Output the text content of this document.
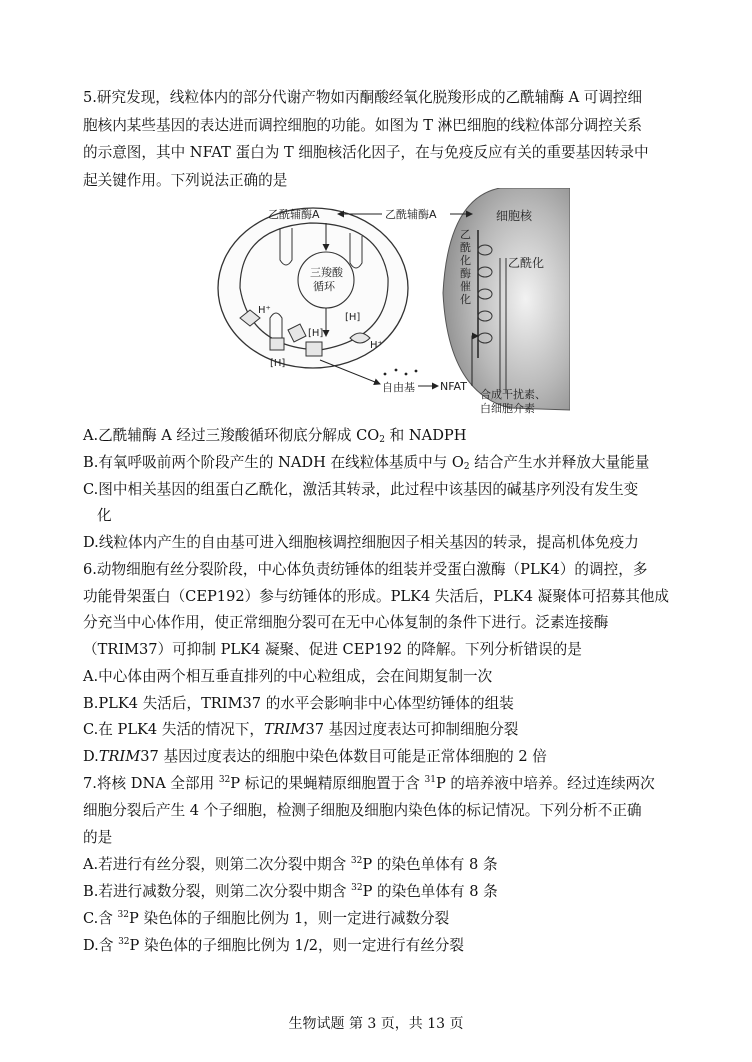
5.研究发现，线粒体内的部分代谢产物如丙酮酸经氧化脱羧形成的乙酰辅酶 A 可调控细
胞核内某些基因的表达进而调控细胞的功能。如图为 T 淋巴细胞的线粒体部分调控关系
的示意图，其中 NFAT 蛋白为 T 细胞核活化因子，在与免疫反应有关的重要基因转录中
起关键作用。下列说法正确的是
细胞核
乙
酰
化
酶
催
化
乙酰化
三羧酸
循环
乙酰辅酶A	乙酰辅酶A
H⁺
H⁺
[H]
[H]
[H]
自由基 NFAT
合成干扰素、
白细胞介素
A.乙酰辅酶 A 经过三羧酸循环彻底分解成 $CO_2$ 和 NADPH
B.有氧呼吸前两个阶段产生的 NADH 在线粒体基质中与 $O_2$ 结合产生水并释放大量能量
C.图中相关基因的组蛋白乙酰化，激活其转录，此过程中该基因的碱基序列没有发生变
化
D.线粒体内产生的自由基可进入细胞核调控细胞因子相关基因的转录，提高机体免疫力
6.动物细胞有丝分裂阶段，中心体负责纺锤体的组装并受蛋白激酶（PLK4）的调控，多
功能骨架蛋白（CEP192）参与纺锤体的形成。PLK4 失活后，PLK4 凝聚体可招募其他成
分充当中心体作用，使正常细胞分裂可在无中心体复制的条件下进行。泛素连接酶
（TRIM37）可抑制 PLK4 凝聚、促进 CEP192 的降解。下列分析错误的是
A.中心体由两个相互垂直排列的中心粒组成，会在间期复制一次
B.PLK4 失活后，TRIM37 的水平会影响非中心体型纺锤体的组装
C.在 PLK4 失活的情况下，TRIM37 基因过度表达可抑制细胞分裂
D.TRIM37 基因过度表达的细胞中染色体数目可能是正常体细胞的 2 倍
7.将核 DNA 全部用 $^{32}$P 标记的果蝇精原细胞置于含 $^{31}$P 的培养液中培养。经过连续两次
细胞分裂后产生 4 个子细胞，检测子细胞及细胞内染色体的标记情况。下列分析不正确
的是
A.若进行有丝分裂，则第二次分裂中期含 $^{32}$P 的染色单体有 8 条
B.若进行减数分裂，则第二次分裂中期含 $^{32}$P 的染色单体有 8 条
C.含 $^{32}$P 染色体的子细胞比例为 1，则一定进行减数分裂
D.含 $^{32}$P 染色体的子细胞比例为 1/2，则一定进行有丝分裂
生物试题 第 3 页，共 13 页
